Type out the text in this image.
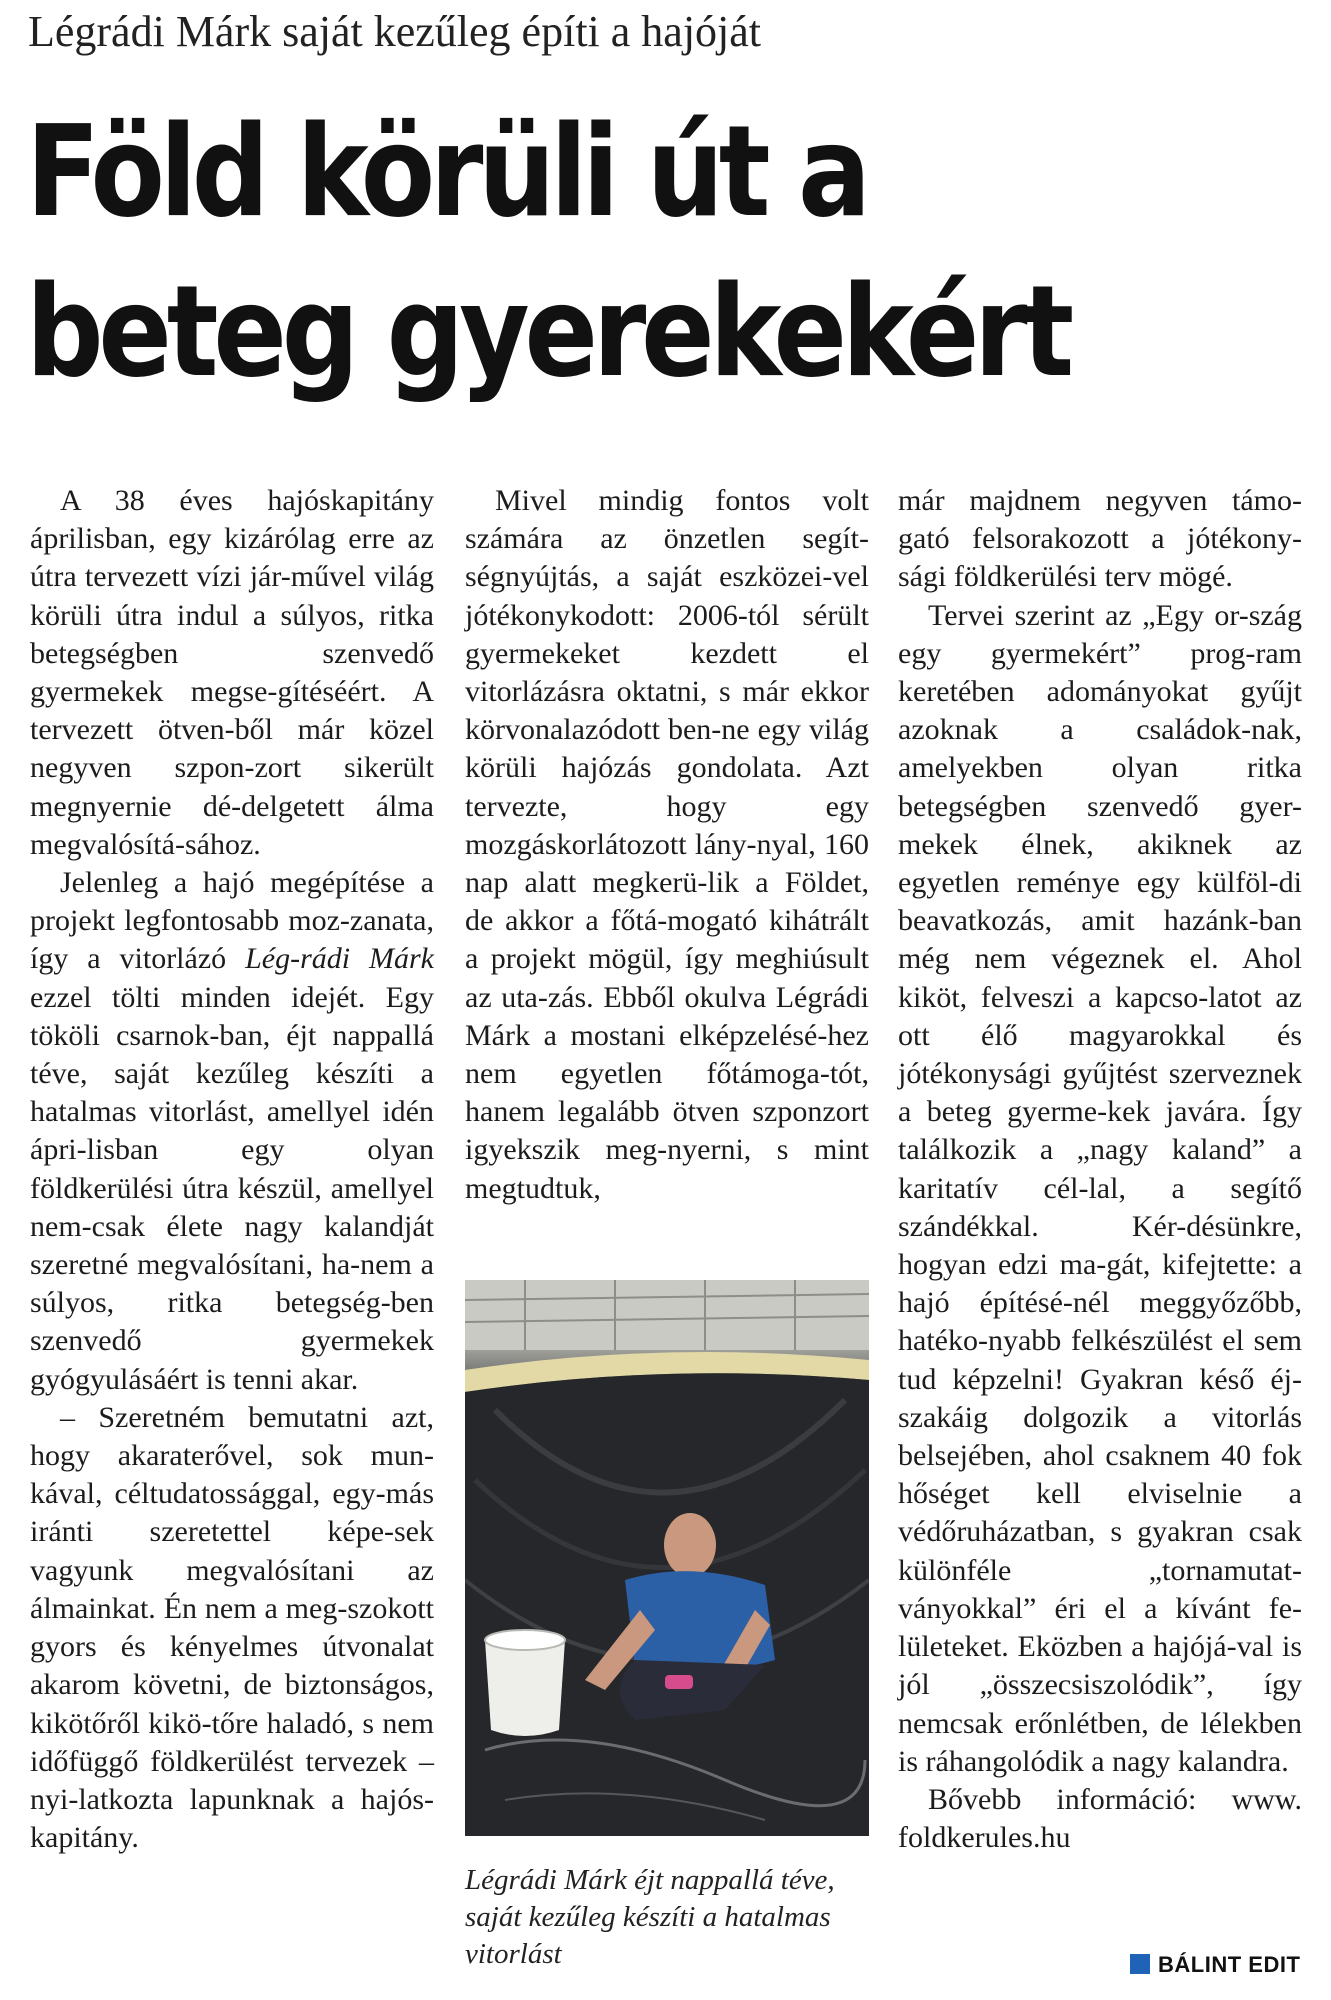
Légrádi Márk saját kezűleg építi a hajóját
Föld körüli út a
beteg gyerekekért

A 38 éves hajóskapitány áprilisban, egy kizárólag erre az útra tervezett vízi jár-​művel világ körüli útra indul a súlyos, ritka betegségben szenvedő gyermekek megse-​gítéséért. A tervezett ötven-​ből már közel negyven szpon-​zort sikerült megnyernie dé-​delgetett álma megvalósítá-​sához.

Jelenleg a hajó megépítése a projekt legfontosabb moz-​zanata, így a vitorlázó Lég-​rádi Márk ezzel tölti minden idejét. Egy tököli csarnok-​ban, éjt nappallá téve, saját kezűleg készíti a hatalmas vitorlást, amellyel idén ápri-​lisban egy olyan földkerülési útra készül, amellyel nem-​csak élete nagy kalandját szeretné megvalósítani, ha-​nem a súlyos, ritka betegség-​ben szenvedő gyermekek gyógyulásáért is tenni akar.

– Szeretném bemutatni azt, hogy akaraterővel, sok mun-​kával, céltudatossággal, egy-​más iránti szeretettel képe-​sek vagyunk megvalósítani az álmainkat. Én nem a meg-​szokott gyors és kényelmes útvonalat akarom követni, de biztonságos, kikötőről kikö-​tőre haladó, s nem időfüggő földkerülést tervezek – nyi-​latkozta lapunknak a hajós-​kapitány.

Mivel mindig fontos volt számára az önzetlen segít-​ségnyújtás, a saját eszközei-​vel jótékonykodott: 2006-tól sérült gyermekeket kezdett el vitorlázásra oktatni, s már ekkor körvonalazódott ben-​ne egy világ körüli hajózás gondolata. Azt tervezte, hogy egy mozgáskorlátozott lány-​nyal, 160 nap alatt megkerü-​lik a Földet, de akkor a főtá-​mogató kihátrált a projekt mögül, így meghiúsult az uta-​zás. Ebből okulva Légrádi Márk a mostani elképzelésé-​hez nem egyetlen főtámoga-​tót, hanem legalább ötven szponzort igyekszik meg-​nyerni, s mint megtudtuk,

Légrádi Márk éjt nappallá téve, saját kezűleg készíti a hatalmas vitorlást

már majdnem negyven támo-​gató felsorakozott a jótékony-​sági földkerülési terv mögé.

Tervei szerint az „Egy or-​szág egy gyermekért” prog-​ram keretében adományokat gyűjt azoknak a családok-​nak, amelyekben olyan ritka betegségben szenvedő gyer-​mekek élnek, akiknek az egyetlen reménye egy külföl-​di beavatkozás, amit hazánk-​ban még nem végeznek el. Ahol kiköt, felveszi a kapcso-​latot az ott élő magyarokkal és jótékonysági gyűjtést szerveznek a beteg gyerme-​kek javára. Így találkozik a „nagy kaland” a karitatív cél-​lal, a segítő szándékkal. Kér-​désünkre, hogyan edzi ma-​gát, kifejtette: a hajó építésé-​nél meggyőzőbb, hatéko-​nyabb felkészülést el sem tud képzelni! Gyakran késő éj-​szakáig dolgozik a vitorlás belsejében, ahol csaknem 40 fok hőséget kell elviselnie a védőruházatban, s gyakran csak különféle „tornamutat-​ványokkal” éri el a kívánt fe-​lületeket. Eközben a hajójá-​val is jól „összecsiszolódik”, így nemcsak erőnlétben, de lélekben is ráhangolódik a nagy kalandra.

Bővebb információ: www. foldkerules.hu

BÁLINT EDIT
